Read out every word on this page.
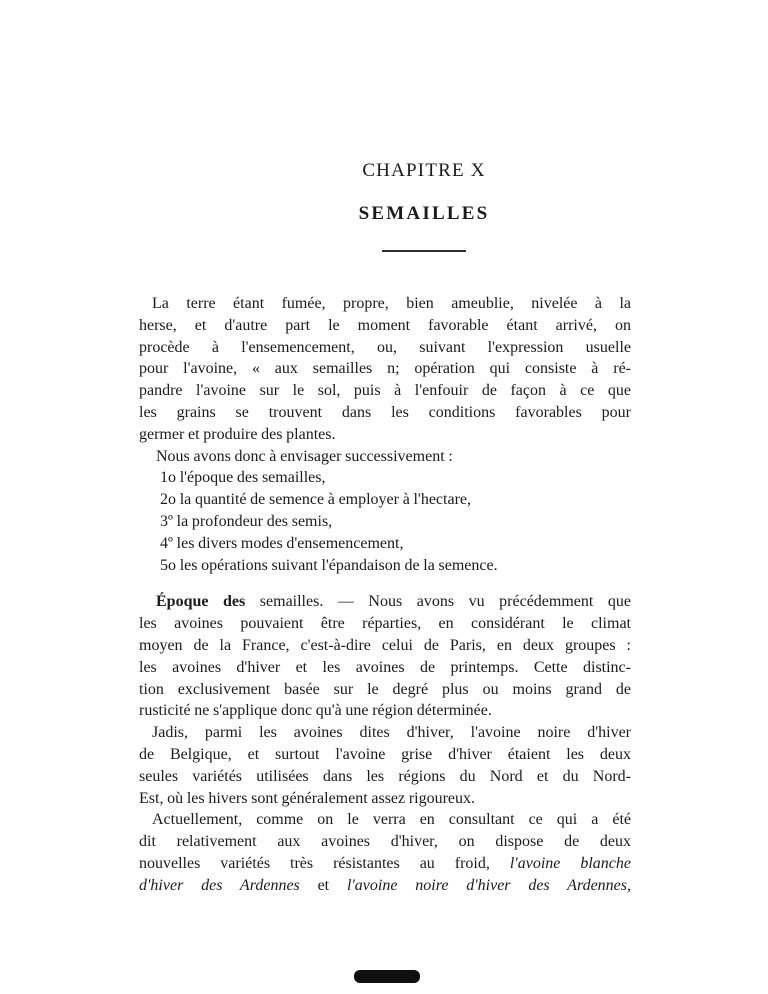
CHAPITRE X
SEMAILLES
La terre étant fumée, propre, bien ameublie, nivelée à la
herse, et d'autre part le moment favorable étant arrivé, on
procède à l'ensemencement, ou, suivant l'expression usuelle
pour l'avoine, « aux semailles n; opération qui consiste à ré-
pandre l'avoine sur le sol, puis à l'enfouir de façon à ce que
les grains se trouvent dans les conditions favorables pour
germer et produire des plantes.
Nous avons donc à envisager successivement :
1o l'époque des semailles,
2o la quantité de semence à employer à l'hectare,
3º la profondeur des semis,
4º les divers modes d'ensemencement,
5o les opérations suivant l'épandaison de la semence.
Époque des semailles. — Nous avons vu précédemment que
les avoines pouvaient être réparties, en considérant le climat
moyen de la France, c'est-à-dire celui de Paris, en deux groupes :
les avoines d'hiver et les avoines de printemps. Cette distinc-
tion exclusivement basée sur le degré plus ou moins grand de
rusticité ne s'applique donc qu'à une région déterminée.
Jadis, parmi les avoines dites d'hiver, l'avoine noire d'hiver
de Belgique, et surtout l'avoine grise d'hiver étaient les deux
seules variétés utilisées dans les régions du Nord et du Nord-
Est, où les hivers sont généralement assez rigoureux.
Actuellement, comme on le verra en consultant ce qui a été
dit relativement aux avoines d'hiver, on dispose de deux
nouvelles variétés très résistantes au froid, l'avoine blanche
d'hiver des Ardennes et l'avoine noire d'hiver des Ardennes,
